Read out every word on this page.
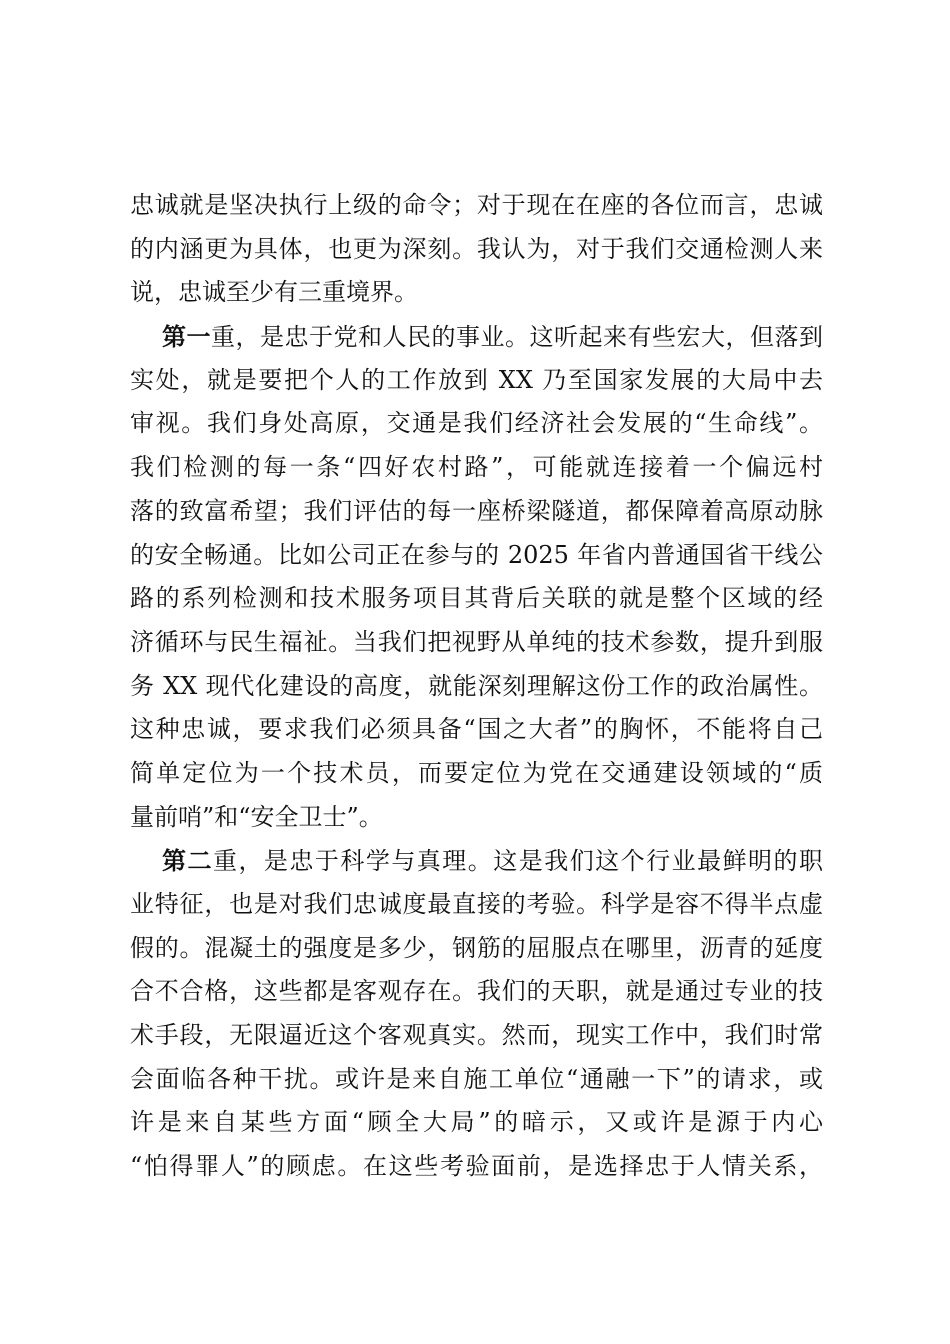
忠诚就是坚决执行上级的命令；对于现在在座的各位而言，忠诚
的内涵更为具体，也更为深刻。我认为，对于我们交通检测人来
说，忠诚至少有三重境界。
第一重，是忠于党和人民的事业。这听起来有些宏大，但落到
实处，就是要把个人的工作放到 XX 乃至国家发展的大局中去
审视。我们身处高原，交通是我们经济社会发展的“生命线”。
我们检测的每一条“四好农村路”，可能就连接着一个偏远村
落的致富希望；我们评估的每一座桥梁隧道，都保障着高原动脉
的安全畅通。比如公司正在参与的 2025 年省内普通国省干线公
路的系列检测和技术服务项目其背后关联的就是整个区域的经
济循环与民生福祉。当我们把视野从单纯的技术参数，提升到服
务 XX 现代化建设的高度，就能深刻理解这份工作的政治属性。
这种忠诚，要求我们必须具备“国之大者”的胸怀，不能将自己
简单定位为一个技术员，而要定位为党在交通建设领域的“质
量前哨”和“安全卫士”。
第二重，是忠于科学与真理。这是我们这个行业最鲜明的职
业特征，也是对我们忠诚度最直接的考验。科学是容不得半点虚
假的。混凝土的强度是多少，钢筋的屈服点在哪里，沥青的延度
合不合格，这些都是客观存在。我们的天职，就是通过专业的技
术手段，无限逼近这个客观真实。然而，现实工作中，我们时常
会面临各种干扰。或许是来自施工单位“通融一下”的请求，或
许是来自某些方面“顾全大局”的暗示，又或许是源于内心
“怕得罪人”的顾虑。在这些考验面前，是选择忠于人情关系，
